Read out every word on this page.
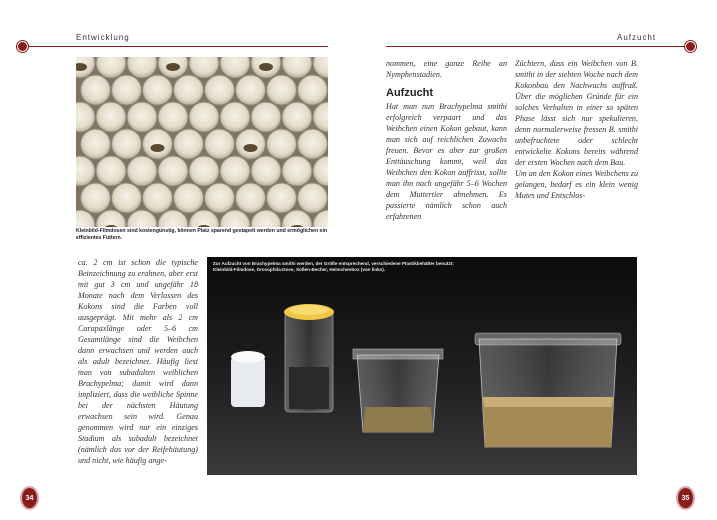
Entwicklung	Aufzucht
Kleinbild-Filmdosen sind kostengünstig, können Platz sparend gestapelt werden und ermöglichen ein effizientes Füttern.

nommen, eine ganze Reihe an Nymphenstadien.

Aufzucht

Hat man nun Brachypelma smithi erfolgreich verpaart und das Weibchen einen Kokon gebaut, kann man sich auf reichlichen Zuwachs freuen. Bevor es aber zur großen Enttäuschung kommt, weil das Weibchen den Kokon auffrisst, sollte man ihn nach ungefähr 5–6 Wochen dem Muttertier abnehmen. Es passierte nämlich schon auch erfahrenen

Züchtern, dass ein Weibchen von B. smithi in der siebten Woche nach dem Kokonbau den Nachwuchs auffraß. Über die möglichen Gründe für ein solches Verhalten in einer so späten Phase lässt sich nur spekulieren, denn normalerweise fressen B. smithi unbefruchtete oder schlecht entwickelte Kokons bereits während der ersten Wochen nach dem Bau.

Um an den Kokon eines Weibchens zu gelangen, bedarf es ein klein wenig Mutes und Entschlos-

ca. 2 cm ist schon die typische Beinzeichnung zu erahnen, aber erst mit gut 3 cm und ungefähr 18 Monate nach dem Verlassen des Kokons sind die Farben voll ausgeprägt. Mit mehr als 2 cm Carapaxlänge oder 5–6 cm Gesamtlänge sind die Weibchen dann erwachsen und werden auch als adult bezeichnet. Häufig liest man von subadulten weiblichen Brachypelma; damit wird dann impliziert, dass die weibliche Spinne bei der nächsten Häutung erwachsen sein wird. Genau genommen wird nur ein einziges Stadium als subadult bezeichnet (nämlich das vor der Reifehäutung) und nicht, wie häufig ange-

Zur Aufzucht von Brachypelma smithi werden, der Größe entsprechend, verschiedene Plastikbehälter benutzt: Kleinbild-Filmdose, Drosophila-Dose, Soßen-Becher, Heimchenbox (von links).
34	35
